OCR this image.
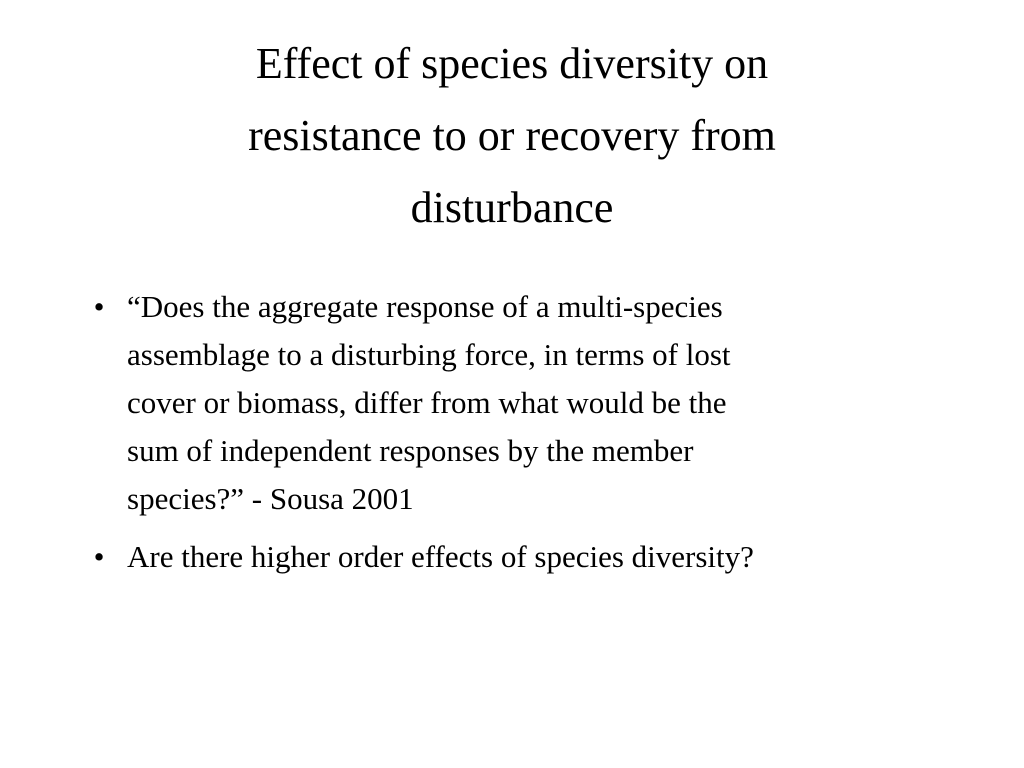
Effect of species diversity on
resistance to or recovery from
disturbance
• “Does the aggregate response of a multi-species
assemblage to a disturbing force, in terms of lost
cover or biomass, differ from what would be the
sum of independent responses by the member
species?” - Sousa 2001
• Are there higher order effects of species diversity?
